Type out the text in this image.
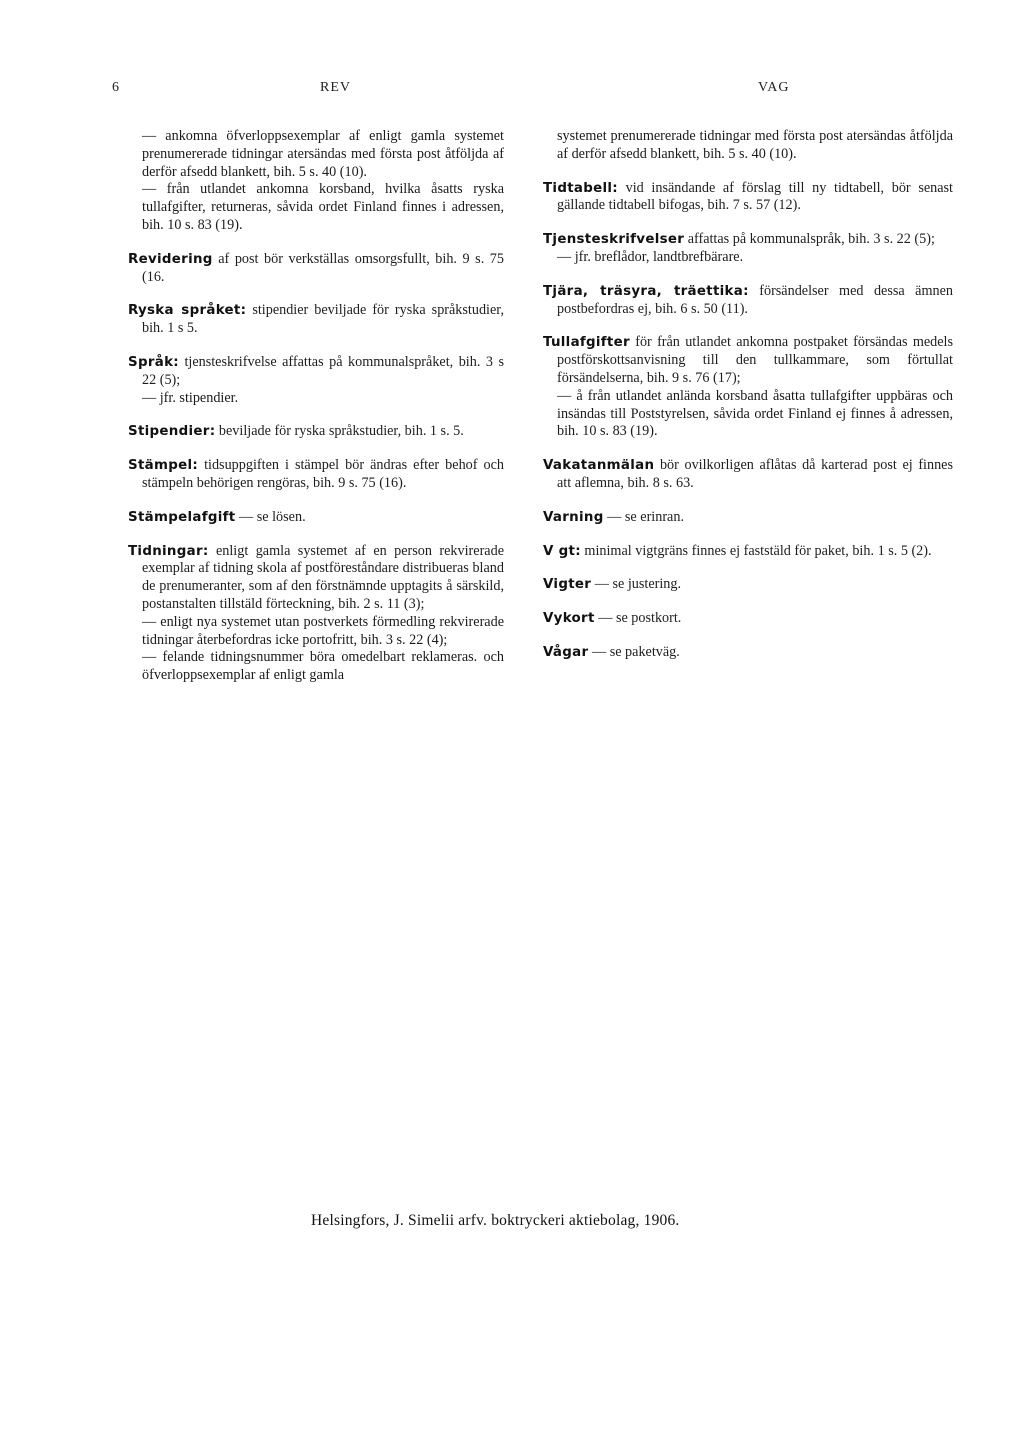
6	REV	VAG

— ankomna öfverloppsexemplar af enligt gamla systemet prenumererade tidningar atersändas med första post åtföljda af derför afsedd blankett, bih. 5 s. 40 (10).

— från utlandet ankomna korsband, hvilka åsatts ryska tullafgifter, returneras, såvida ordet Finland finnes i adressen, bih. 10 s. 83 (19).

Revidering af post bör verkställas omsorgsfullt, bih. 9 s. 75 (16.

Ryska språket: stipendier beviljade för ryska språkstudier, bih. 1 s 5.

Språk: tjensteskrifvelse affattas på kommunalspråket, bih. 3 s 22 (5);

— jfr. stipendier.

Stipendier: beviljade för ryska språkstudier, bih. 1 s. 5.

Stämpel: tidsuppgiften i stämpel bör ändras efter behof och stämpeln behörigen rengöras, bih. 9 s. 75 (16).

Stämpelafgift — se lösen.

Tidningar: enligt gamla systemet af en person rekvirerade exemplar af tidning skola af postföreståndare distribueras bland de prenumeranter, som af den förstnämnde upptagits å särskild, postanstalten tillstäld förteckning, bih. 2 s. 11 (3);

— enligt nya systemet utan postverkets förmedling rekvirerade tidningar återbefordras icke portofritt, bih. 3 s. 22 (4);

— felande tidningsnummer böra omedelbart reklameras. och öfverloppsexemplar af enligt gamla

systemet prenumererade tidningar med första post atersändas åtföljda af derför afsedd blankett, bih. 5 s. 40 (10).

Tidtabell: vid insändande af förslag till ny tidtabell, bör senast gällande tidtabell bifogas, bih. 7 s. 57 (12).

Tjensteskrifvelser affattas på kommunalspråk, bih. 3 s. 22 (5);

— jfr. breflådor, landtbrefbärare.

Tjära, träsyra, träettika: försändelser med dessa ämnen postbefordras ej, bih. 6 s. 50 (11).

Tullafgifter för från utlandet ankomna postpaket försändas medels postförskottsanvisning till den tullkammare, som förtullat försändelserna, bih. 9 s. 76 (17);

— å från utlandet anlända korsband åsatta tullafgifter uppbäras och insändas till Poststyrelsen, såvida ordet Finland ej finnes å adressen, bih. 10 s. 83 (19).

Vakatanmälan bör ovilkorligen aflåtas då karterad post ej finnes att aflemna, bih. 8 s. 63.

Varning — se erinran.

V gt: minimal vigtgräns finnes ej faststäld för paket, bih. 1 s. 5 (2).

Vigter — se justering.

Vykort — se postkort.

Vågar — se paketväg.

Helsingfors, J. Simelii arfv. boktryckeri aktiebolag, 1906.
